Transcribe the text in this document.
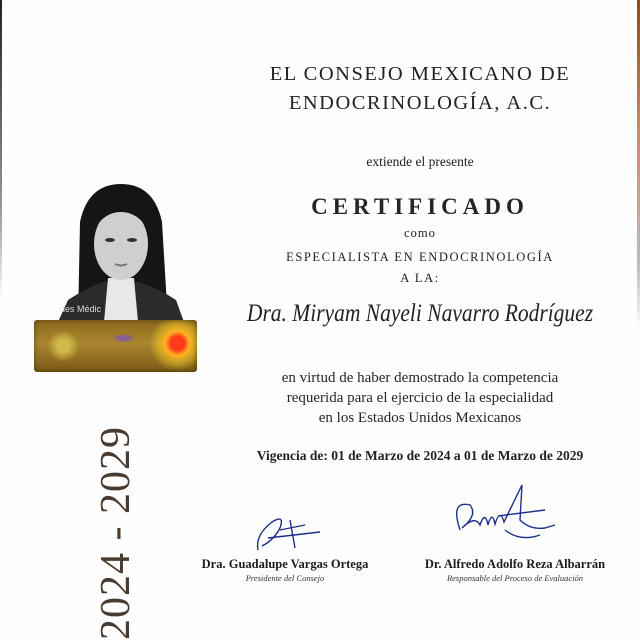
EL CONSEJO MEXICANO DE
ENDOCRINOLOGÍA, A.C.
extiende el presente
CERTIFICADO
como
ESPECIALISTA EN ENDOCRINOLOGÍA
A LA:
Dra. Miryam Nayeli Navarro Rodríguez
en virtud de haber demostrado la competencia
requerida para el ejercicio de la especialidad
en los Estados Unidos Mexicanos
Vigencia de: 01 de Marzo de 2024 a 01 de Marzo de 2029
des Médic
2024 - 2029	Dra. Guadalupe Vargas Ortega
Presidente del Consejo
Dr. Alfredo Adolfo Reza Albarrán
Responsable del Proceso de Evaluación
